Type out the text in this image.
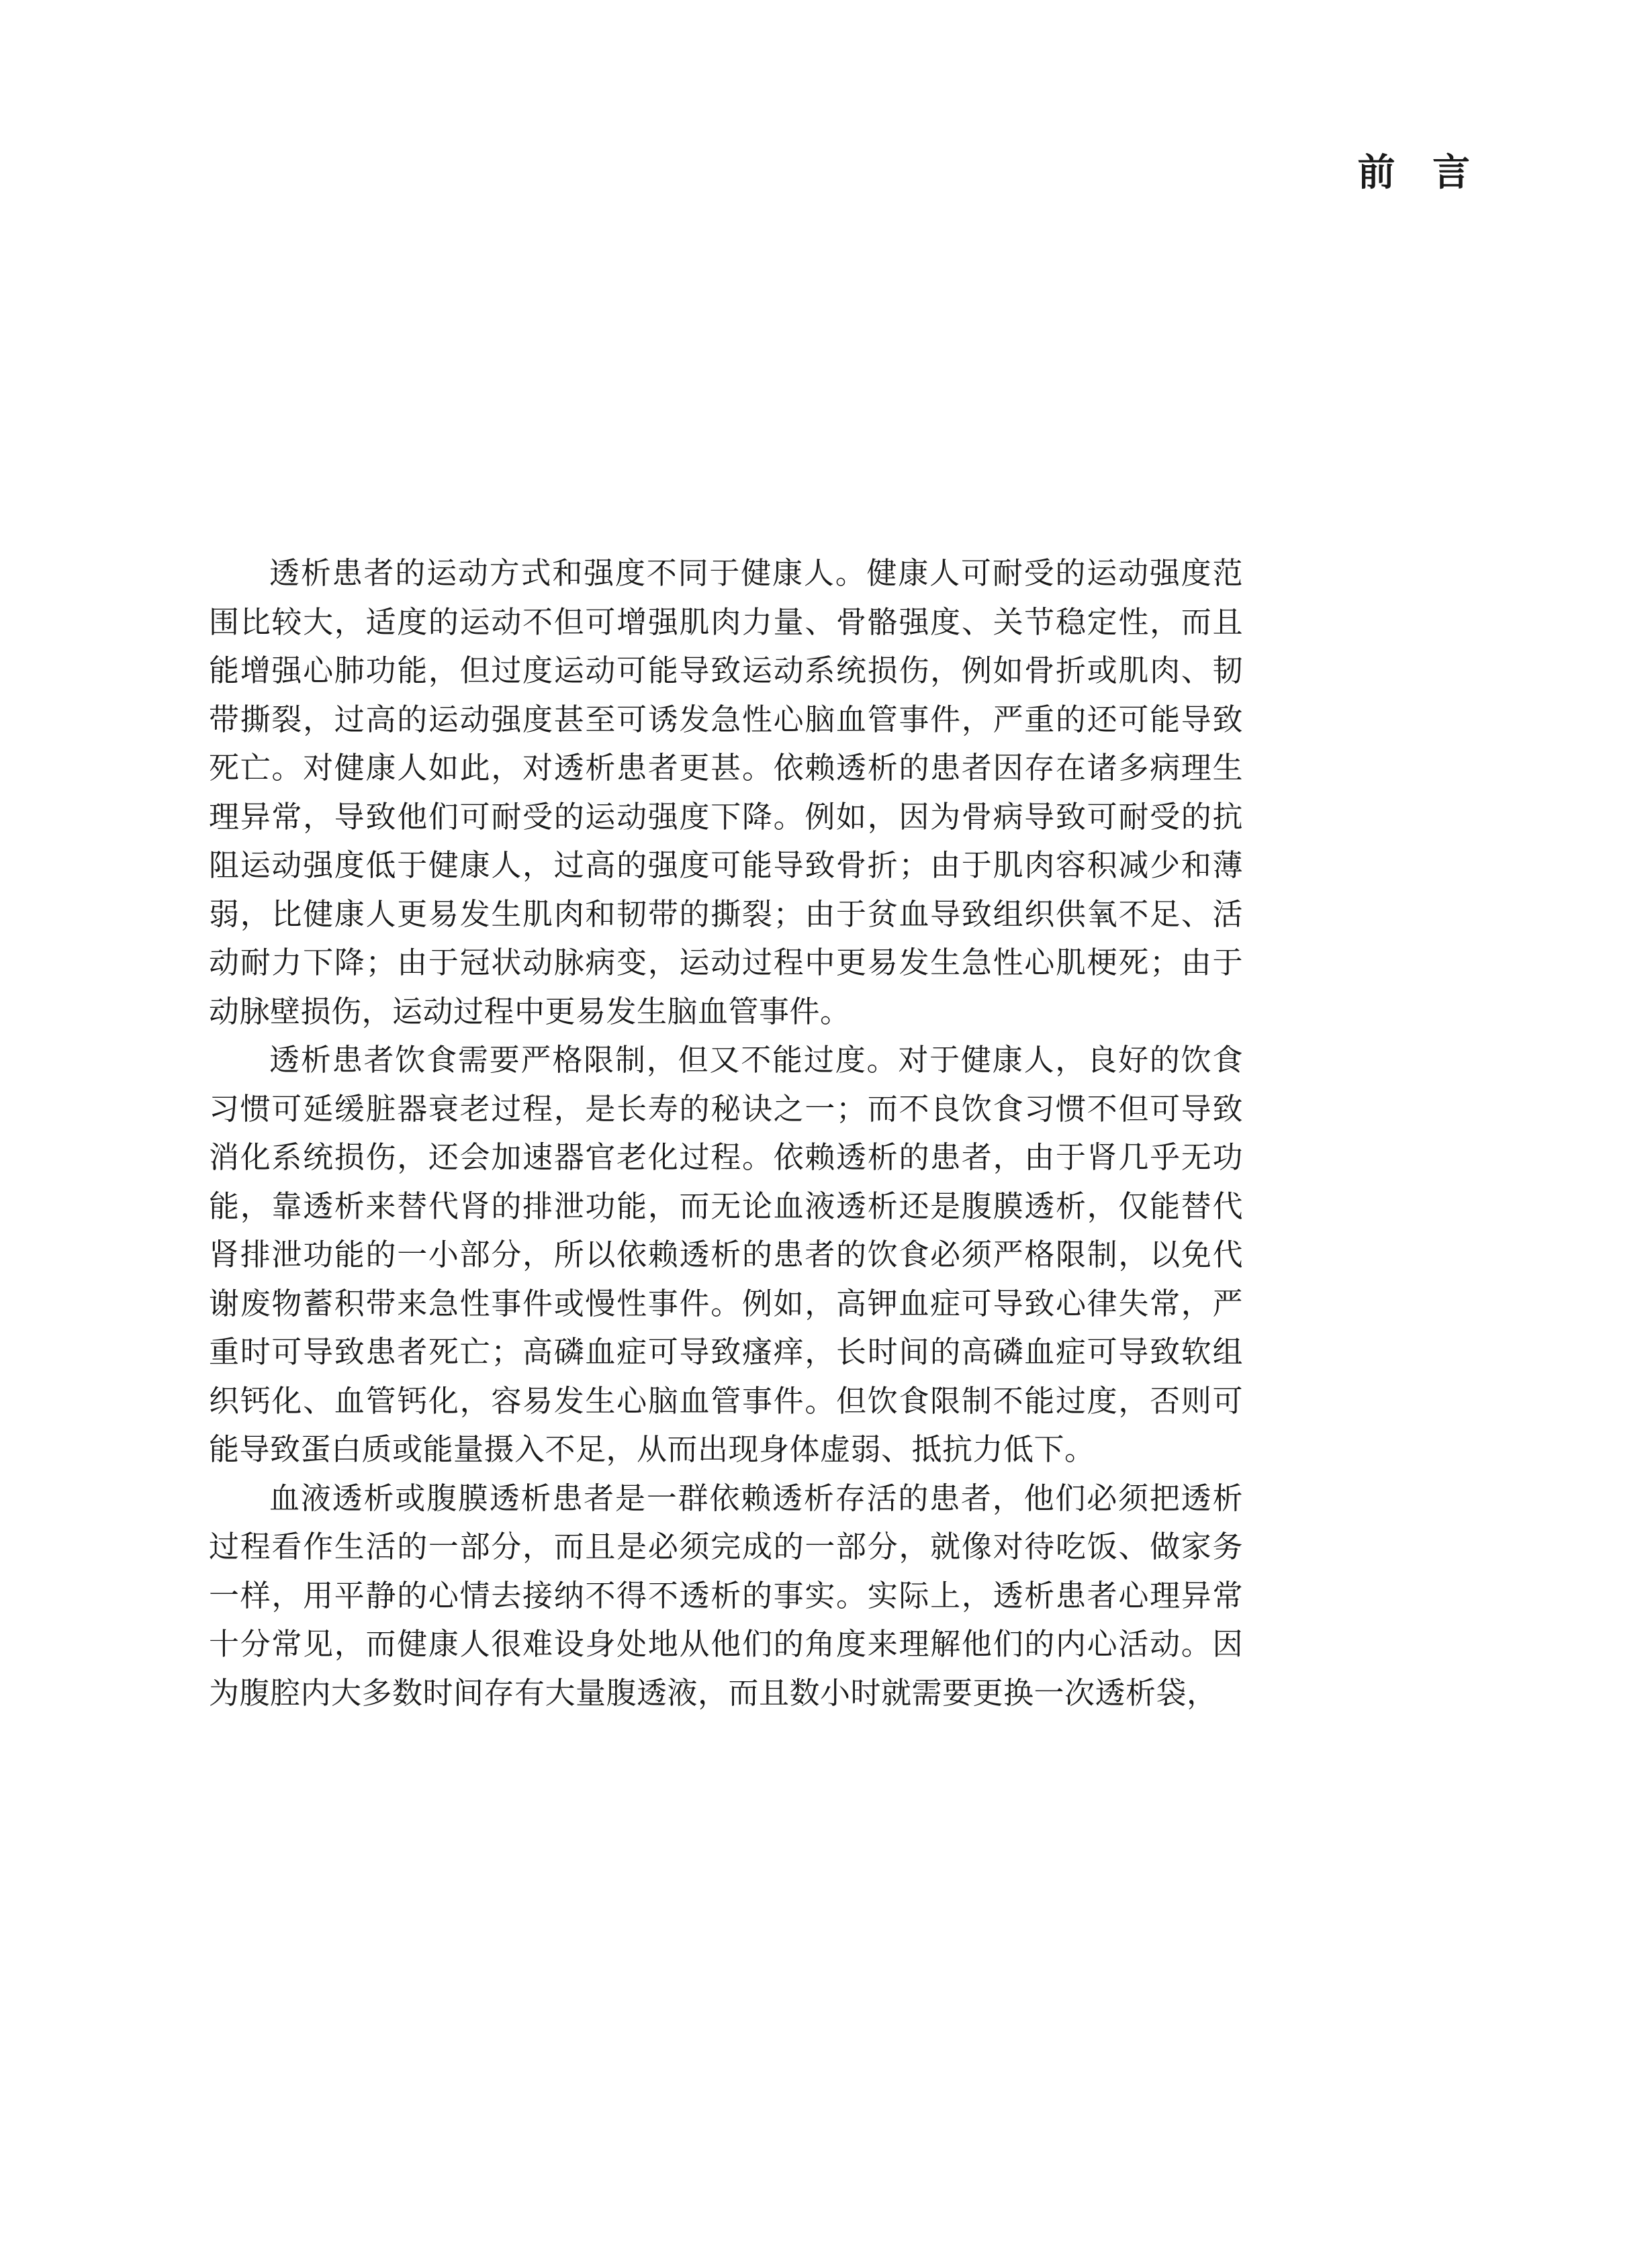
前 言

透析患者的运动方式和强度不同于健康人。健康人可耐受的运动强度范围比较大，适度的运动不但可增强肌肉力量、骨骼强度、关节稳定性，而且能增强心肺功能，但过度运动可能导致运动系统损伤，例如骨折或肌肉、韧带撕裂，过高的运动强度甚至可诱发急性心脑血管事件，严重的还可能导致死亡。对健康人如此，对透析患者更甚。依赖透析的患者因存在诸多病理生理异常，导致他们可耐受的运动强度下降。例如，因为骨病导致可耐受的抗阻运动强度低于健康人，过高的强度可能导致骨折；由于肌肉容积减少和薄弱，比健康人更易发生肌肉和韧带的撕裂；由于贫血导致组织供氧不足、活动耐力下降；由于冠状动脉病变，运动过程中更易发生急性心肌梗死；由于动脉壁损伤，运动过程中更易发生脑血管事件。

透析患者饮食需要严格限制，但又不能过度。对于健康人，良好的饮食习惯可延缓脏器衰老过程，是长寿的秘诀之一；而不良饮食习惯不但可导致消化系统损伤，还会加速器官老化过程。依赖透析的患者，由于肾几乎无功能，靠透析来替代肾的排泄功能，而无论血液透析还是腹膜透析，仅能替代肾排泄功能的一小部分，所以依赖透析的患者的饮食必须严格限制，以免代谢废物蓄积带来急性事件或慢性事件。例如，高钾血症可导致心律失常，严重时可导致患者死亡；高磷血症可导致瘙痒，长时间的高磷血症可导致软组织钙化、血管钙化，容易发生心脑血管事件。但饮食限制不能过度，否则可能导致蛋白质或能量摄入不足，从而出现身体虚弱、抵抗力低下。

血液透析或腹膜透析患者是一群依赖透析存活的患者，他们必须把透析过程看作生活的一部分，而且是必须完成的一部分，就像对待吃饭、做家务一样，用平静的心情去接纳不得不透析的事实。实际上，透析患者心理异常十分常见，而健康人很难设身处地从他们的角度来理解他们的内心活动。因为腹腔内大多数时间存有大量腹透液，而且数小时就需要更换一次透析袋，
